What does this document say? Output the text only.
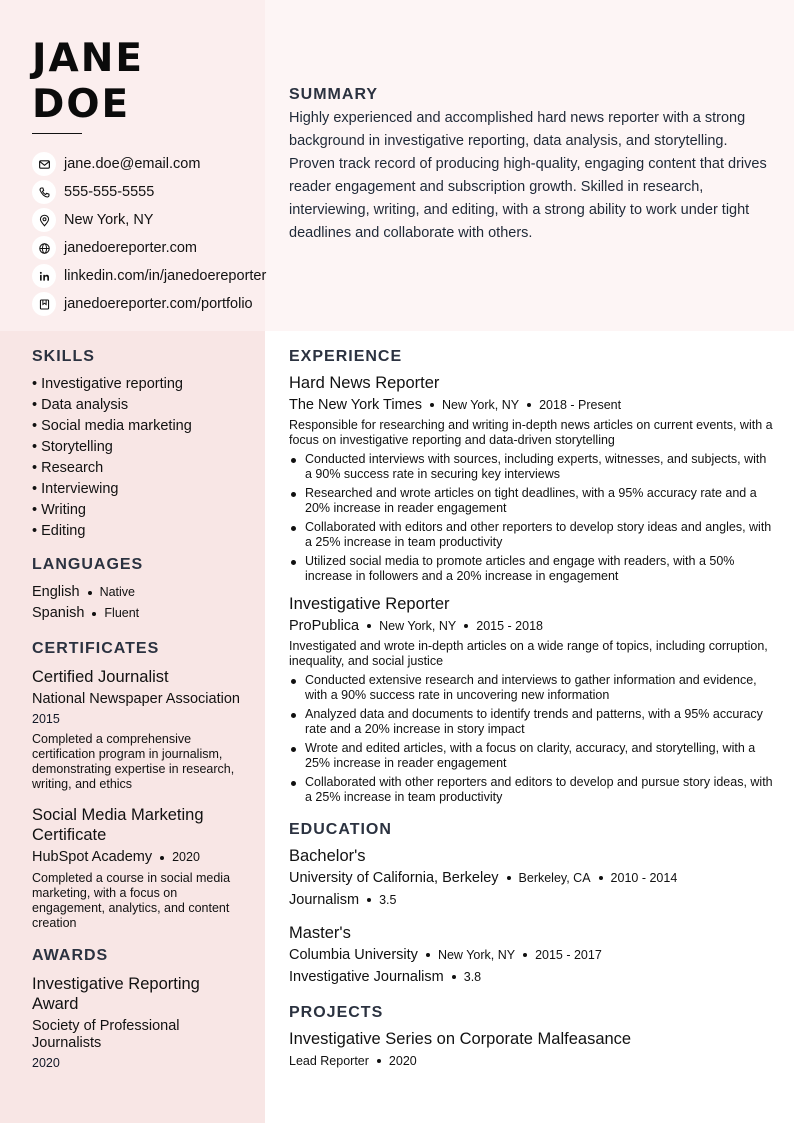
JANE
DOE
jane.doe@email.com
555-555-5555
New York, NY
janedoereporter.com
linkedin.com/in/janedoereporter
janedoereporter.com/portfolio
SUMMARY

Highly experienced and accomplished hard news reporter with a strong background in investigative reporting, data analysis, and storytelling. Proven track record of producing high-quality, engaging content that drives reader engagement and subscription growth. Skilled in research, interviewing, writing, and editing, with a strong ability to work under tight deadlines and collaborate with others.

SKILLS
• Investigative reporting
• Data analysis
• Social media marketing
• Storytelling
• Research
• Interviewing
• Writing
• Editing
LANGUAGES
English Native
Spanish Fluent
CERTIFICATES
Certified Journalist
National Newspaper Association
2015
Completed a comprehensive certification program in journalism, demonstrating expertise in research, writing, and ethics
Social Media Marketing Certificate
HubSpot Academy 2020
Completed a course in social media marketing, with a focus on engagement, analytics, and content creation
AWARDS
Investigative Reporting Award
Society of Professional Journalists
2020
EXPERIENCE
Hard News Reporter
The New York Times New York, NY 2018 - Present
Responsible for researching and writing in-depth news articles on current events, with a focus on investigative reporting and data-driven storytelling
Conducted interviews with sources, including experts, witnesses, and subjects, with a 90% success rate in securing key interviews
Researched and wrote articles on tight deadlines, with a 95% accuracy rate and a 20% increase in reader engagement
Collaborated with editors and other reporters to develop story ideas and angles, with a 25% increase in team productivity
Utilized social media to promote articles and engage with readers, with a 50% increase in followers and a 20% increase in engagement
Investigative Reporter
ProPublica New York, NY 2015 - 2018
Investigated and wrote in-depth articles on a wide range of topics, including corruption, inequality, and social justice
Conducted extensive research and interviews to gather information and evidence, with a 90% success rate in uncovering new information
Analyzed data and documents to identify trends and patterns, with a 95% accuracy rate and a 20% increase in story impact
Wrote and edited articles, with a focus on clarity, accuracy, and storytelling, with a 25% increase in reader engagement
Collaborated with other reporters and editors to develop and pursue story ideas, with a 25% increase in team productivity
EDUCATION
Bachelor's
University of California, Berkeley Berkeley, CA 2010 - 2014
Journalism 3.5
Master's
Columbia University New York, NY 2015 - 2017
Investigative Journalism 3.8
PROJECTS
Investigative Series on Corporate Malfeasance
Lead Reporter 2020
